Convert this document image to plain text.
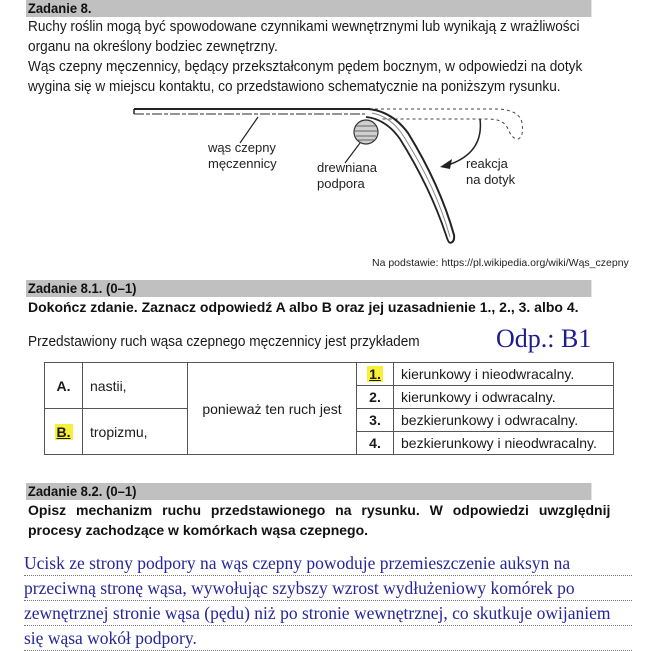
Zadanie 8.
Ruchy roślin mogą być spowodowane czynnikami wewnętrznymi lub wynikają z wrażliwości
organu na określony bodziec zewnętrzny.
Wąs czepny męczennicy, będący przekształconym pędem bocznym, w odpowiedzi na dotyk
wygina się w miejscu kontaktu, co przedstawiono schematycznie na poniższym rysunku.
wąs czepny
męczennicy	drewniana
podpora
reakcja
na dotyk
Na podstawie: https://pl.wikipedia.org/wiki/Wąs_czepny
Zadanie 8.1. (0–1)
Dokończ zdanie. Zaznacz odpowiedź A albo B oraz jej uzasadnienie 1., 2., 3. albo 4.
Przedstawiony ruch wąsa czepnego męczennicy jest przykładem	Odp.: B1
A.
B.
nastii,
tropizmu,
ponieważ ten ruch jest
1. kierunkowy i nieodwracalny.
2. kierunkowy i odwracalny.
3. bezkierunkowy i odwracalny.
4. bezkierunkowy i nieodwracalny.
Zadanie 8.2. (0–1)
Opisz mechanizm ruchu przedstawionego na rysunku. W odpowiedzi uwzględnij
procesy zachodzące w komórkach wąsa czepnego.
Ucisk ze strony podpory na wąs czepny powoduje przemieszczenie auksyn na
przeciwną stronę wąsa, wywołując szybszy wzrost wydłużeniowy komórek po
zewnętrznej stronie wąsa (pędu) niż po stronie wewnętrznej, co skutkuje owijaniem
się wąsa wokół podpory.
